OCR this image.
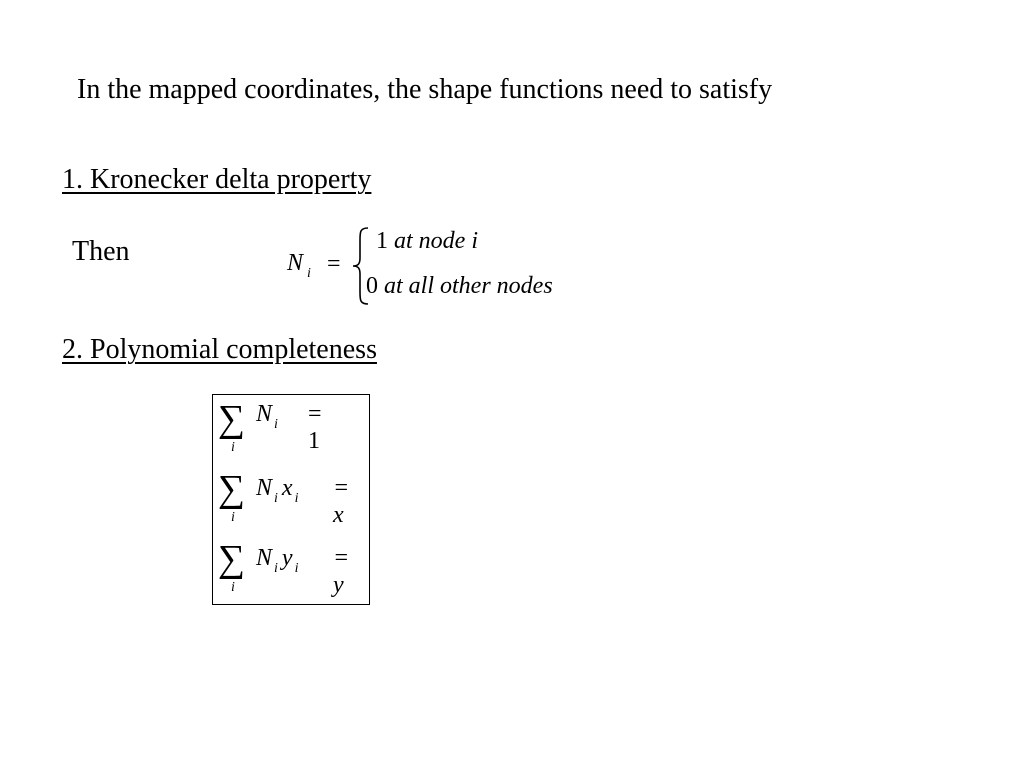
In the mapped coordinates, the shape functions need to satisfy
1. Kronecker delta property
Then	N $_i$ =
1 at node i
0 at all other nodes
2. Polynomial completeness
∑
i
N $_i$ = 1
∑
i
N $_i$ x $_i$ = x
∑
i
N $_i$ y $_i$ = y
